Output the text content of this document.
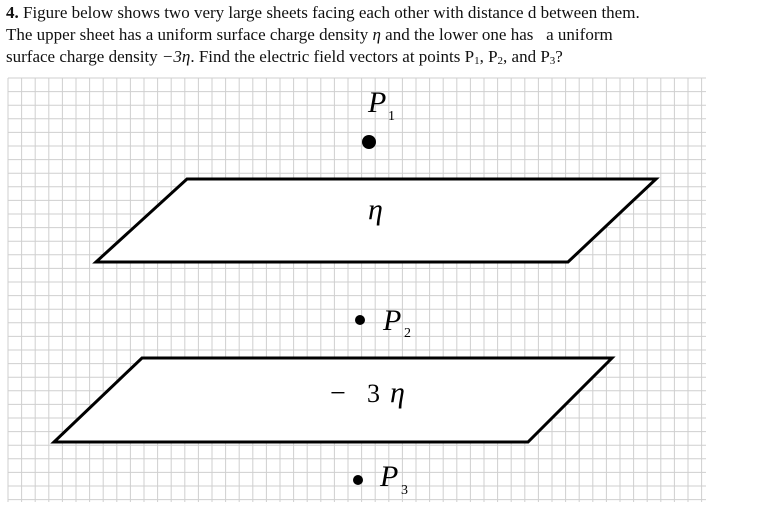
4. Figure below shows two very large sheets facing each other with distance d between them.
The upper sheet has a uniform surface charge density η and the lower one has a uniform
surface charge density −3η. Find the electric field vectors at points $P_1$, $P_2$, and $P_3$?
P 1
η
P 2
− 3 η
P 3
